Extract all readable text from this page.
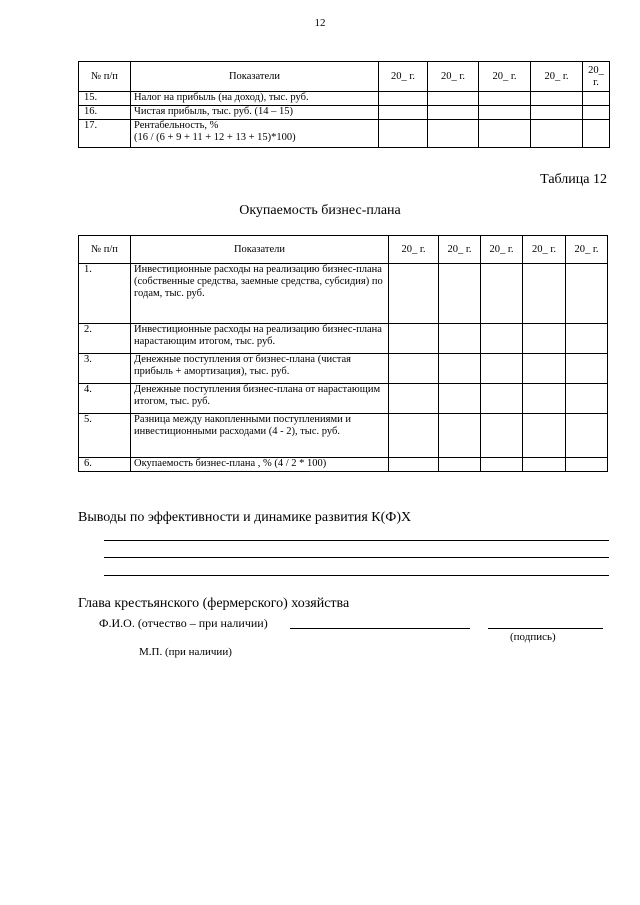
12
№ п/п	Показатели	20_ г.	20_ г.	20_ г.	20_ г.	20_ г.
15.	Налог на прибыль (на доход), тыс. руб.					
16.	Чистая прибыль, тыс. руб. (14 – 15)					
17.	Рентабельность, %
(16 / (6 + 9 + 11 + 12 + 13 + 15)*100)					
Таблица 12
Окупаемость бизнес-плана
№ п/п	Показатели	20_ г.	20_ г.	20_ г.	20_ г.	20_ г.
1.	Инвестиционные расходы на реализацию бизнес-плана (собственные средства, заемные средства, субсидия) по годам, тыс. руб.					
2.	Инвестиционные расходы на реализацию бизнес-плана нарастающим итогом, тыс. руб.					
3.	Денежные поступления от бизнес-плана (чистая прибыль + амортизация), тыс. руб.					
4.	Денежные поступления бизнес-плана от нарастающим итогом, тыс. руб.					
5.	Разница между накопленными поступлениями и инвестиционными расходами (4 - 2), тыс. руб.					
6.	Окупаемость бизнес-плана , % (4 / 2 * 100)					
Выводы по эффективности и динамике развития К(Ф)Х
Глава крестьянского (фермерского) хозяйства
Ф.И.О. (отчество – при наличии)
(подпись)
М.П. (при наличии)
